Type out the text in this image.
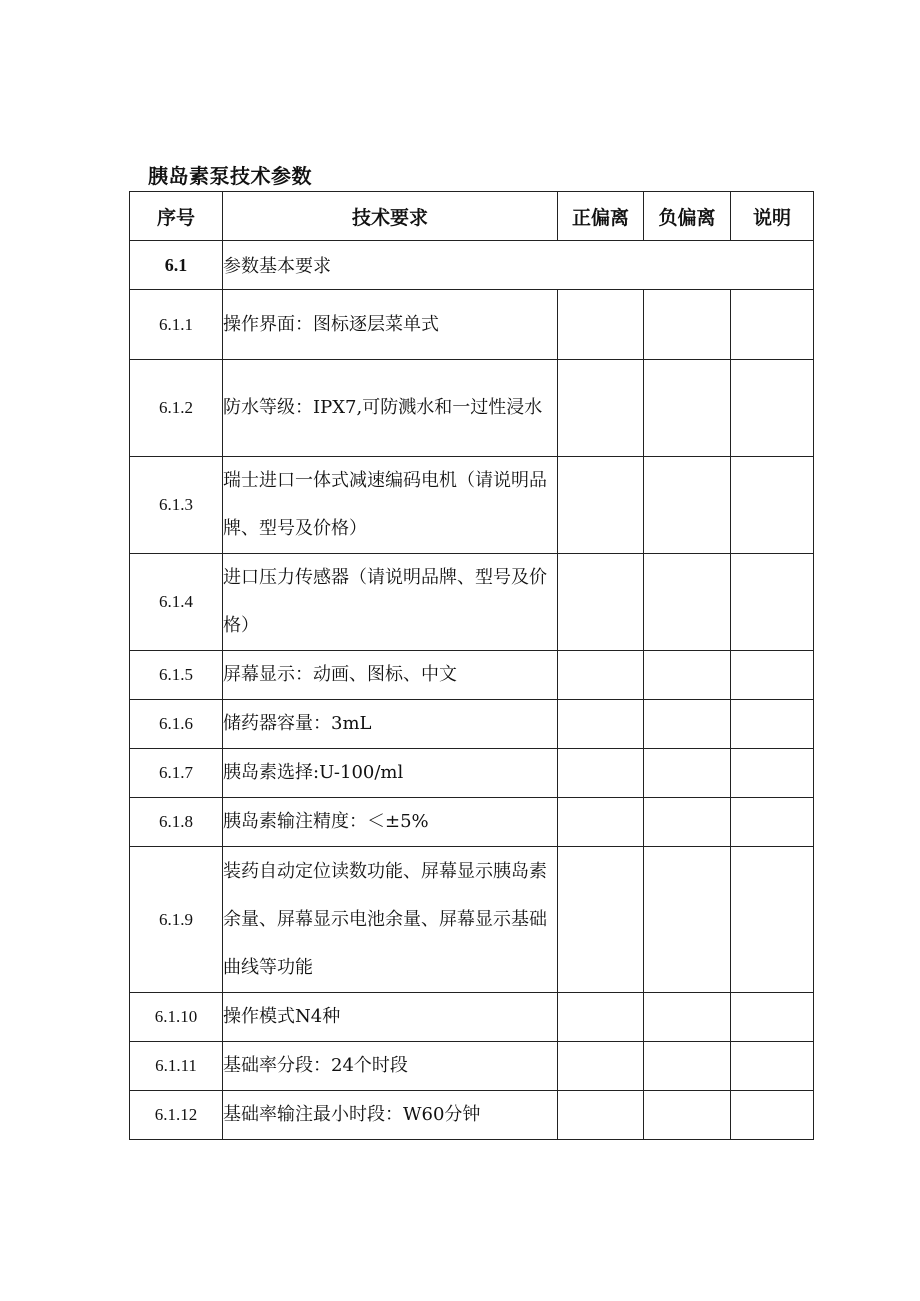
胰岛素泵技术参数
序号	技术要求	正偏离	负偏离	说明
6.1	参数基本要求			
6.1.1	操作界面：图标逐层菜单式			
6.1.2	防水等级：IPX7,可防溅水和一过性浸水			
6.1.3	瑞士进口一体式减速编码电机（请说明品牌、型号及价格）			
6.1.4	进口压力传感器（请说明品牌、型号及价格）			
6.1.5	屏幕显示：动画、图标、中文			
6.1.6	储药器容量：3mL			
6.1.7	胰岛素选择:U-100/ml			
6.1.8	胰岛素输注精度：＜±5%			
6.1.9	装药自动定位读数功能、屏幕显示胰岛素余量、屏幕显示电池余量、屏幕显示基础曲线等功能			
6.1.10	操作模式N4种			
6.1.11	基础率分段：24个时段			
6.1.12	基础率输注最小时段：W60分钟			
